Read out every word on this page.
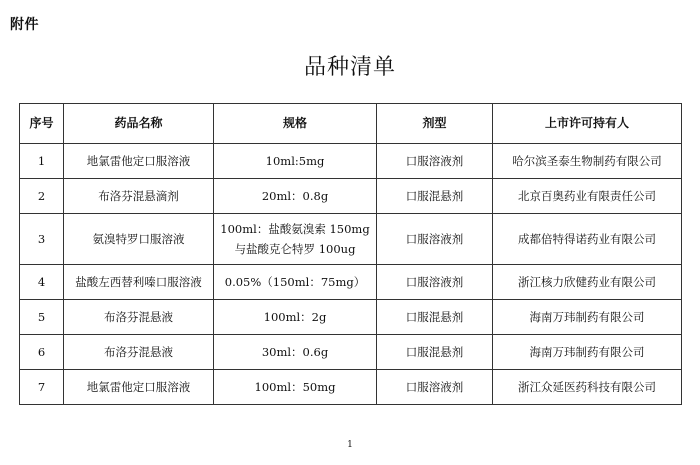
附件
品种清单
序号	药品名称	规格	剂型	上市许可持有人
1	地氯雷他定口服溶液	10ml:5mg	口服溶液剂	哈尔滨圣泰生物制药有限公司
2	布洛芬混悬滴剂	20ml：0.8g	口服混悬剂	北京百奥药业有限责任公司
3	氨溴特罗口服溶液	100ml：盐酸氨溴索 150mg 与盐酸克仑特罗 100ug	口服溶液剂	成都倍特得诺药业有限公司
4	盐酸左西替利嗪口服溶液	0.05%（150ml：75mg）	口服溶液剂	浙江核力欣健药业有限公司
5	布洛芬混悬液	100ml：2g	口服混悬剂	海南万玮制药有限公司
6	布洛芬混悬液	30ml：0.6g	口服混悬剂	海南万玮制药有限公司
7	地氯雷他定口服溶液	100ml：50mg	口服溶液剂	浙江众延医药科技有限公司
1
